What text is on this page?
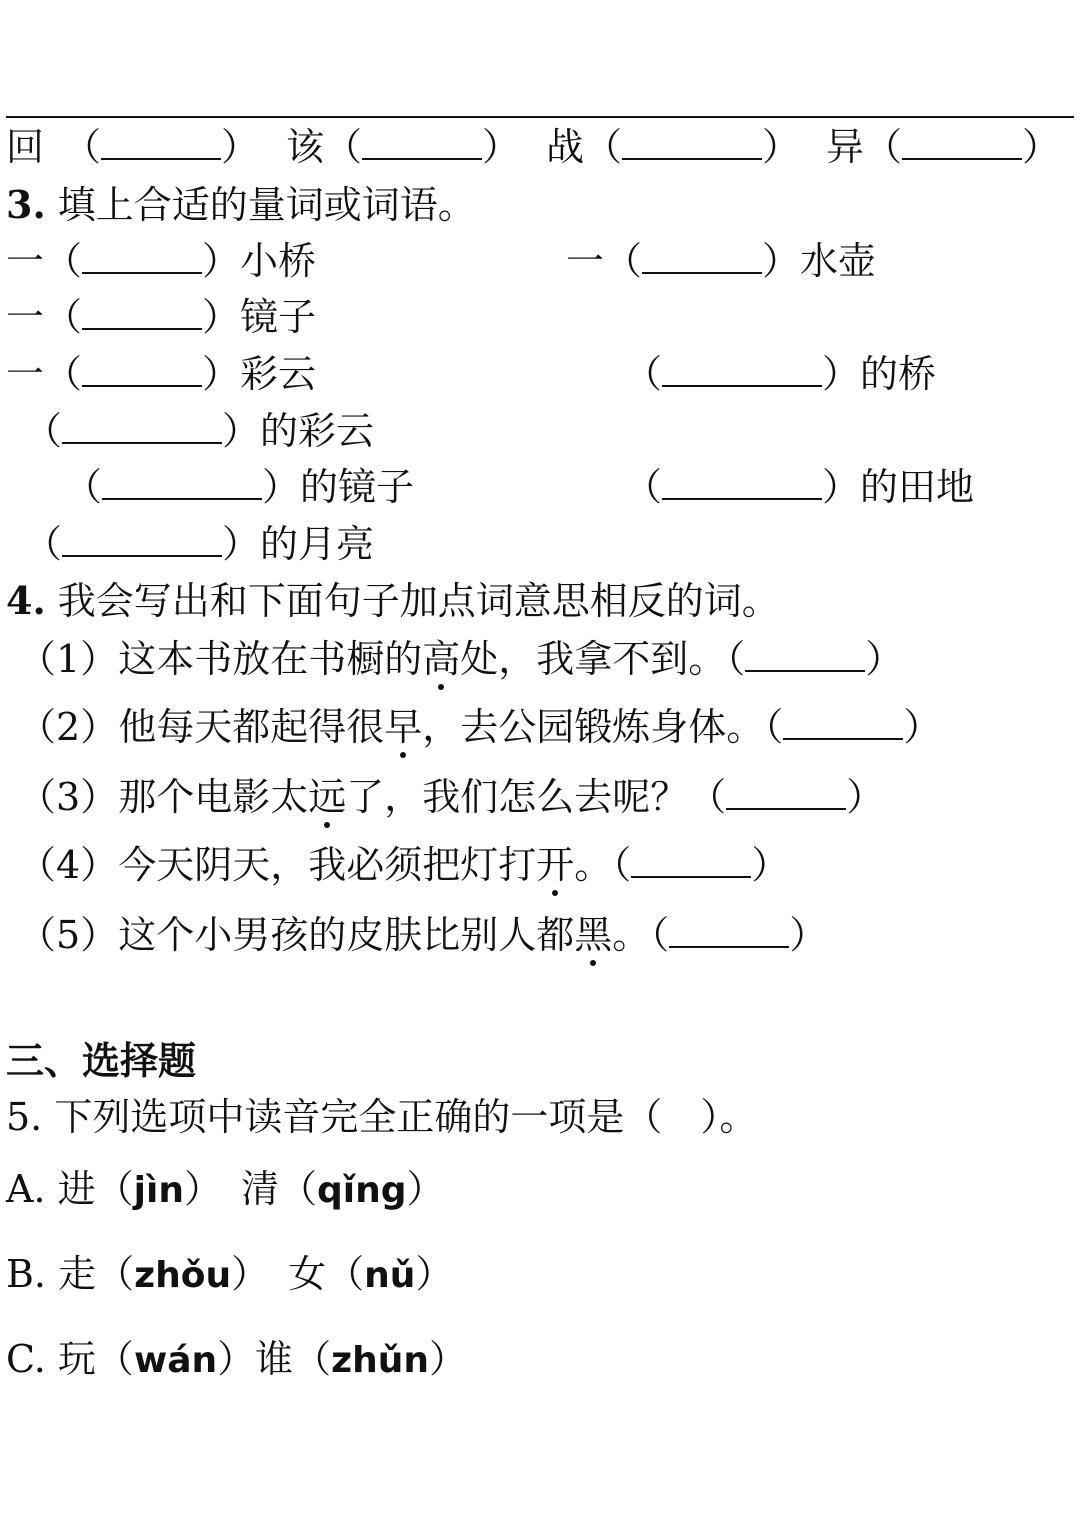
回　（	） 该（	） 战（	） 异（	）
3. 填上合适的量词或词语。
一（	）小桥	一（	）水壶
一（	）镜子
一（	）彩云	（	）的桥
（	）的彩云
（	）的镜子	（	）的田地
（	）的月亮
4. 我会写出和下面句子加点词意思相反的词。
（1）这本书放在书橱的高处，我拿不到。（	）
（2）他每天都起得很早，去公园锻炼身体。（	）
（3）那个电影太远了，我们怎么去呢？（	）
（4）今天阴天，我必须把灯打开。（	）
（5）这个小男孩的皮肤比别人都黑。（	）
三、选择题
5. 下列选项中读音完全正确的一项是（　）。
A. 进（jìn）　清（qǐng）
B. 走（zhǒu）　女（nǔ）
C. 玩（wán）谁（zhǔn）
